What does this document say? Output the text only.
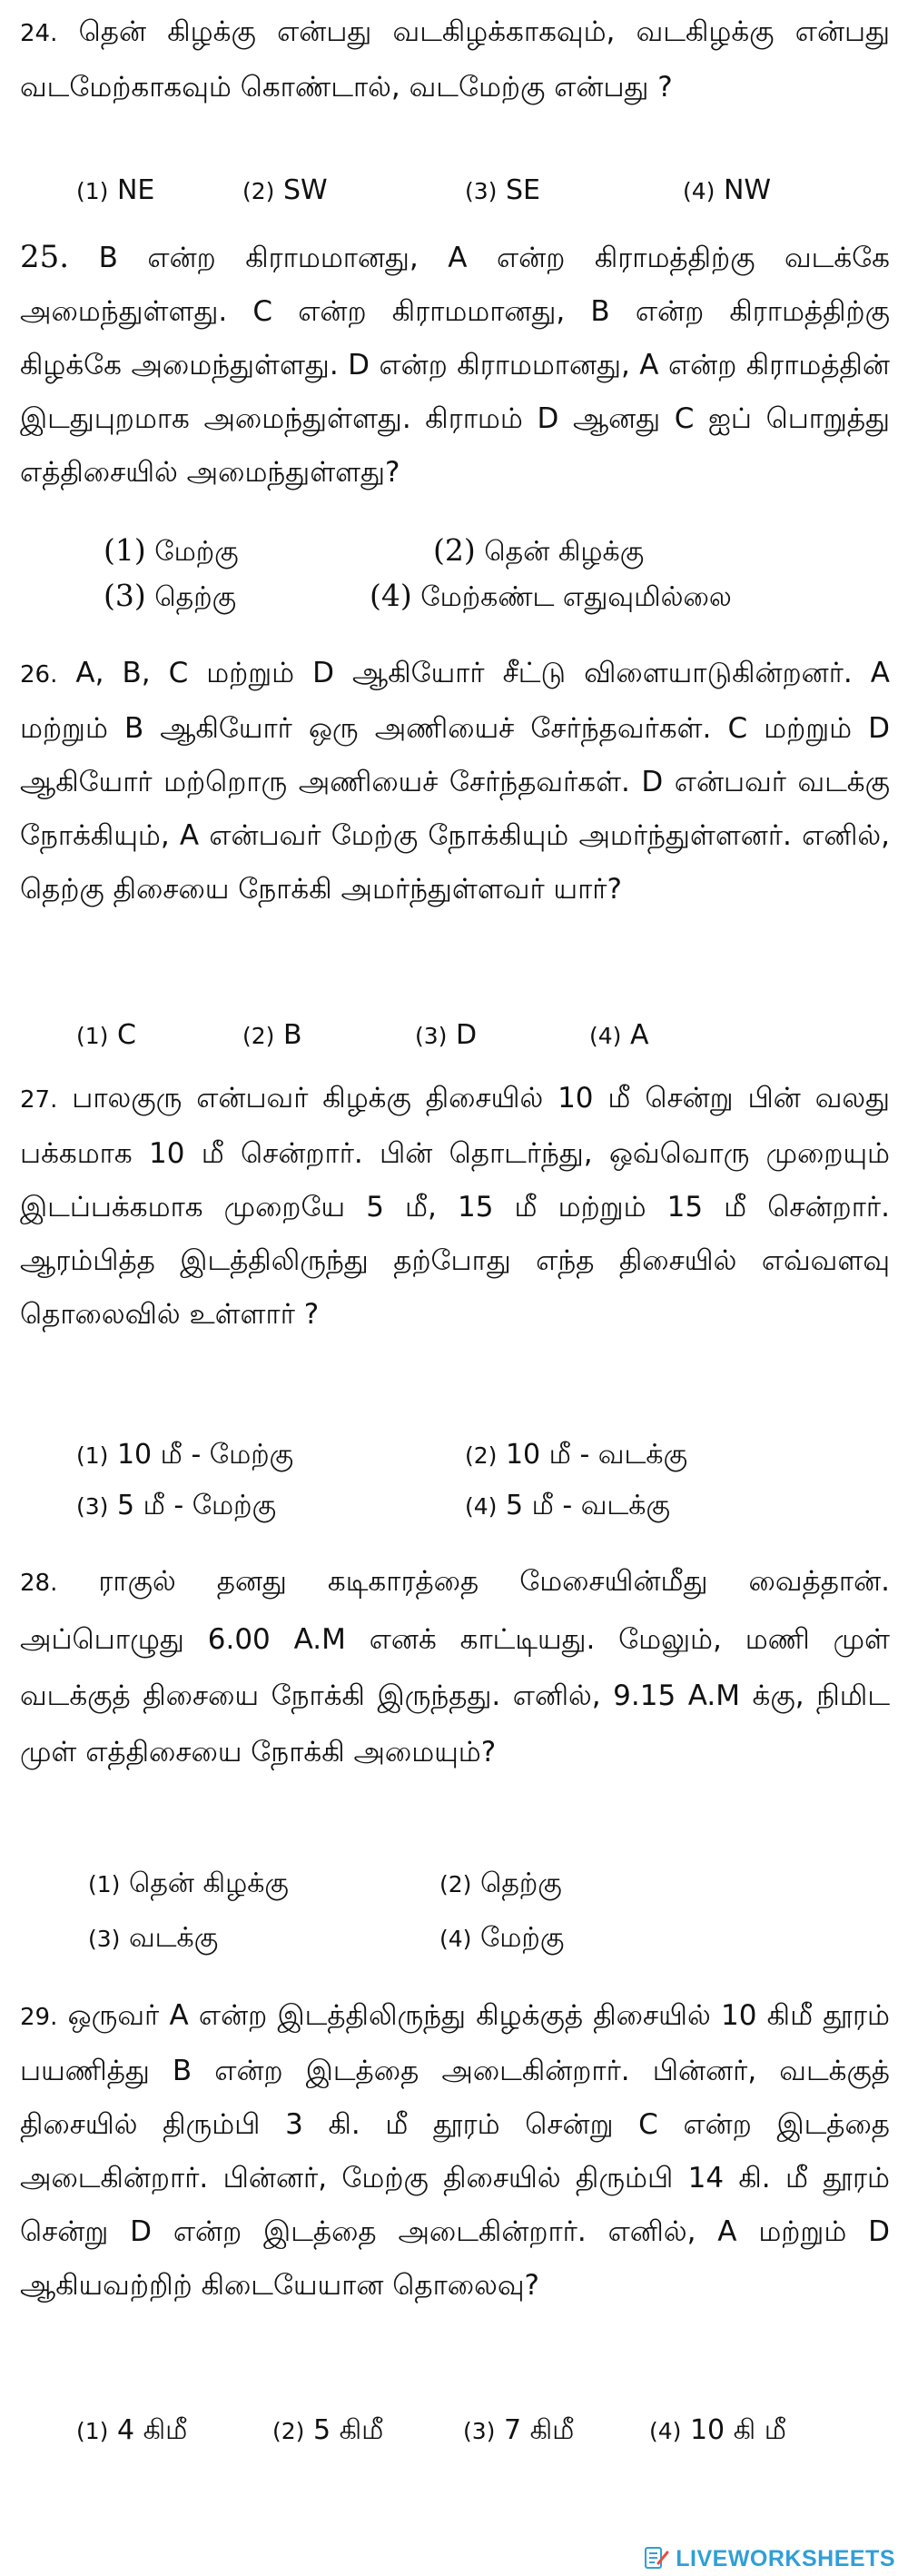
24. தென் கிழக்கு என்பது வடகிழக்காகவும், வடகிழக்கு என்பது வடமேற்காகவும் கொண்டால், வடமேற்கு என்பது ?
(1) NE	(2) SW	(3) SE	(4) NW
25. B என்ற கிராமமானது, A என்ற கிராமத்திற்கு வடக்கே அமைந்துள்ளது. C என்ற கிராமமானது, B என்ற கிராமத்திற்கு கிழக்கே அமைந்துள்ளது. D என்ற கிராமமானது, A என்ற கிராமத்தின் இடதுபுறமாக அமைந்துள்ளது. கிராமம் D ஆனது C ஐப் பொறுத்து எத்திசையில் அமைந்துள்ளது?
(1) மேற்கு	(2) தென் கிழக்கு
(3) தெற்கு	(4) மேற்கண்ட எதுவுமில்லை
26. A, B, C மற்றும் D ஆகியோர் சீட்டு விளையாடுகின்றனர். A மற்றும் B ஆகியோர் ஒரு அணியைச் சேர்ந்தவர்கள். C மற்றும் D ஆகியோர் மற்றொரு அணியைச் சேர்ந்தவர்கள். D என்பவர் வடக்கு நோக்கியும், A என்பவர் மேற்கு நோக்கியும் அமர்ந்துள்ளனர். எனில், தெற்கு திசையை நோக்கி அமர்ந்துள்ளவர் யார்?
(1) C	(2) B	(3) D	(4) A
27. பாலகுரு என்பவர் கிழக்கு திசையில் 10 மீ சென்று பின் வலது பக்கமாக 10 மீ சென்றார். பின் தொடர்ந்து, ஒவ்வொரு முறையும் இடப்பக்கமாக முறையே 5 மீ, 15 மீ மற்றும் 15 மீ சென்றார். ஆரம்பித்த இடத்திலிருந்து தற்போது எந்த திசையில் எவ்வளவு தொலைவில் உள்ளார் ?
(1) 10 மீ - மேற்கு	(2) 10 மீ - வடக்கு
(3) 5 மீ - மேற்கு	(4) 5 மீ - வடக்கு
28. ராகுல் தனது கடிகாரத்தை மேசையின்மீது வைத்தான். அப்பொழுது 6.00 A.M எனக் காட்டியது. மேலும், மணி முள் வடக்குத் திசையை நோக்கி இருந்தது. எனில், 9.15 A.M க்கு, நிமிட முள் எத்திசையை நோக்கி அமையும்?
(1) தென் கிழக்கு	(2) தெற்கு
(3) வடக்கு	(4) மேற்கு
29. ஒருவர் A என்ற இடத்திலிருந்து கிழக்குத் திசையில் 10 கிமீ தூரம் பயணித்து B என்ற இடத்தை அடைகின்றார். பின்னர், வடக்குத் திசையில் திரும்பி 3 கி. மீ தூரம் சென்று C என்ற இடத்தை அடைகின்றார். பின்னர், மேற்கு திசையில் திரும்பி 14 கி. மீ தூரம் சென்று D என்ற இடத்தை அடைகின்றார். எனில், A மற்றும் D ஆகியவற்றிற் கிடையேயான தொலைவு?
(1) 4 கிமீ	(2) 5 கிமீ	(3) 7 கிமீ	(4) 10 கி மீ
LIVEWORKSHEETS
